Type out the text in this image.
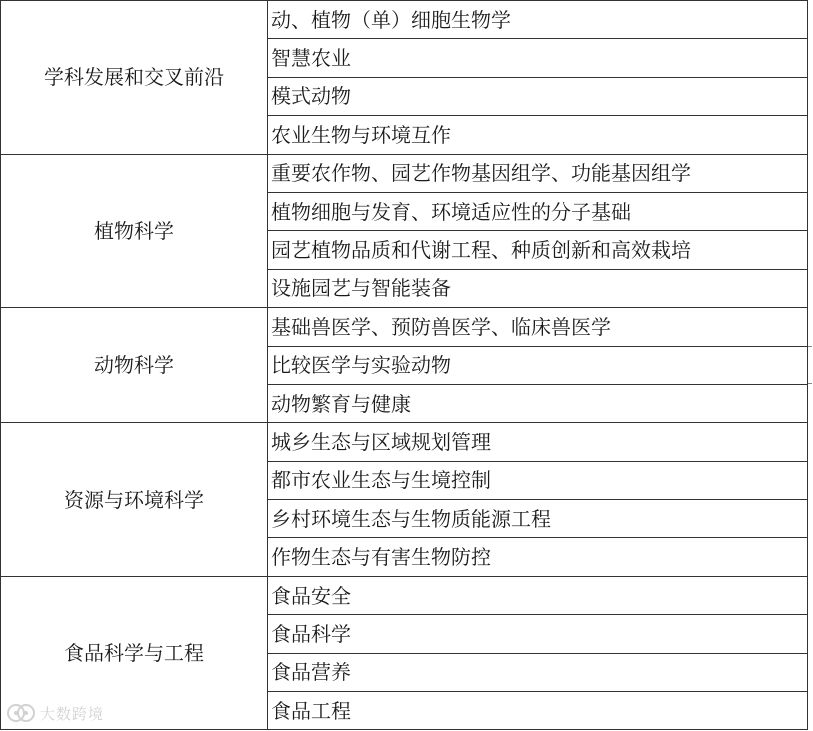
学科发展和交叉前沿	动、植物（单）细胞生物学
	智慧农业
	模式动物
	农业生物与环境互作
植物科学	重要农作物、园艺作物基因组学、功能基因组学
	植物细胞与发育、环境适应性的分子基础
	园艺植物品质和代谢工程、种质创新和高效栽培
	设施园艺与智能装备
动物科学	基础兽医学、预防兽医学、临床兽医学
	比较医学与实验动物
	动物繁育与健康
资源与环境科学	城乡生态与区域规划管理
	都市农业生态与生境控制
	乡村环境生态与生物质能源工程
	作物生态与有害生物防控
食品科学与工程	食品安全
	食品科学
	食品营养
	食品工程
大数跨境
